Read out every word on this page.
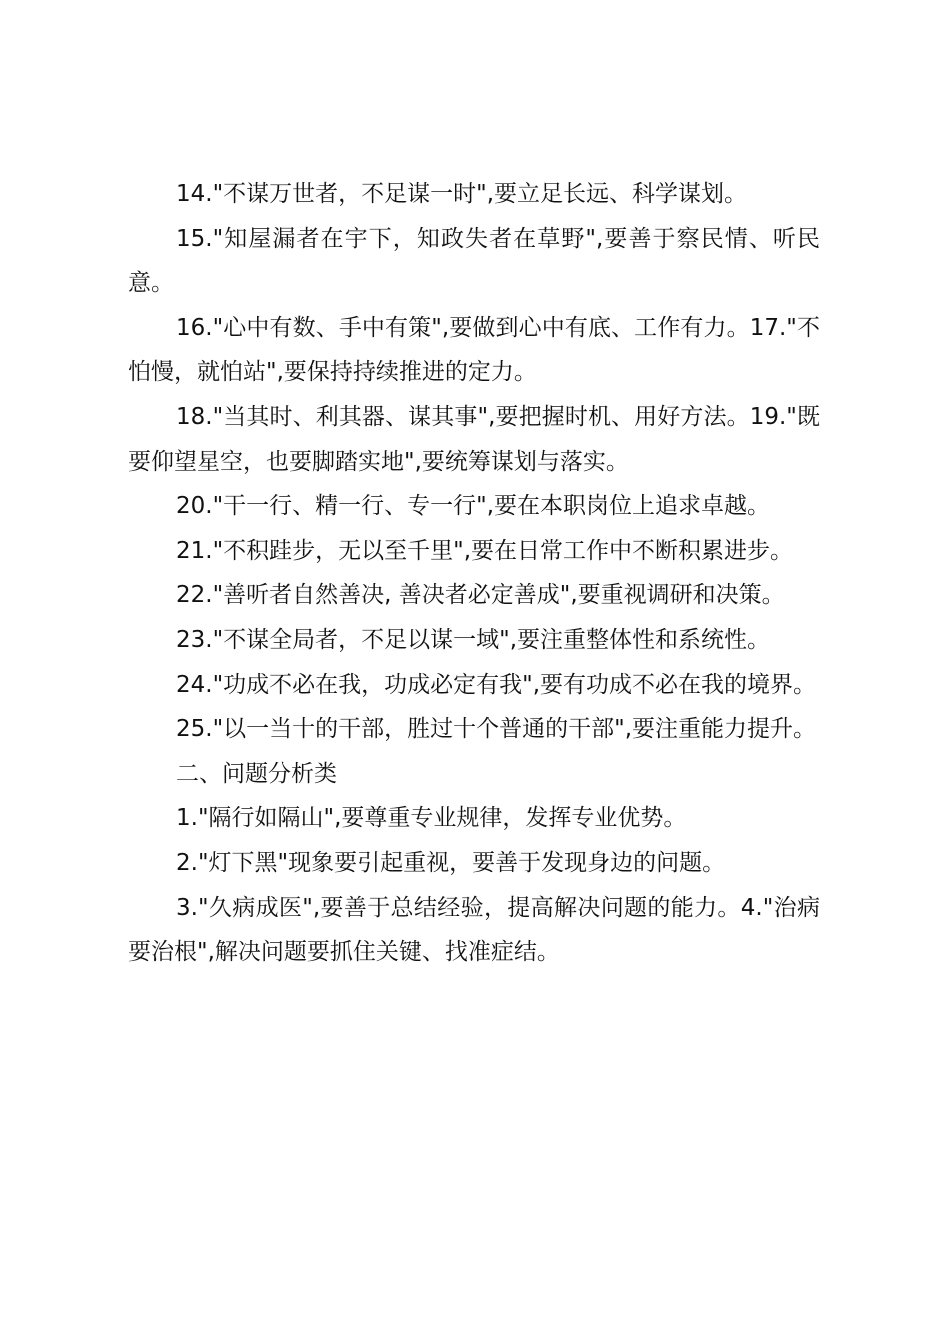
14."不谋万世者，不足谋一时",要立足长远、科学谋划。

15."知屋漏者在宇下，知政失者在草野",要善于察民情、听民意。

16."心中有数、手中有策",要做到心中有底、工作有力。17."不怕慢，就怕站",要保持持续推进的定力。

18."当其时、利其器、谋其事",要把握时机、用好方法。19."既要仰望星空，也要脚踏实地",要统筹谋划与落实。

20."干一行、精一行、专一行",要在本职岗位上追求卓越。

21."不积跬步，无以至千里",要在日常工作中不断积累进步。

22."善听者自然善决, 善决者必定善成",要重视调研和决策。

23."不谋全局者，不足以谋一域",要注重整体性和系统性。

24."功成不必在我，功成必定有我",要有功成不必在我的境界。

25."以一当十的干部，胜过十个普通的干部",要注重能力提升。

二、问题分析类

1."隔行如隔山",要尊重专业规律，发挥专业优势。

2."灯下黑"现象要引起重视，要善于发现身边的问题。

3."久病成医",要善于总结经验，提高解决问题的能力。4."治病要治根",解决问题要抓住关键、找准症结。
